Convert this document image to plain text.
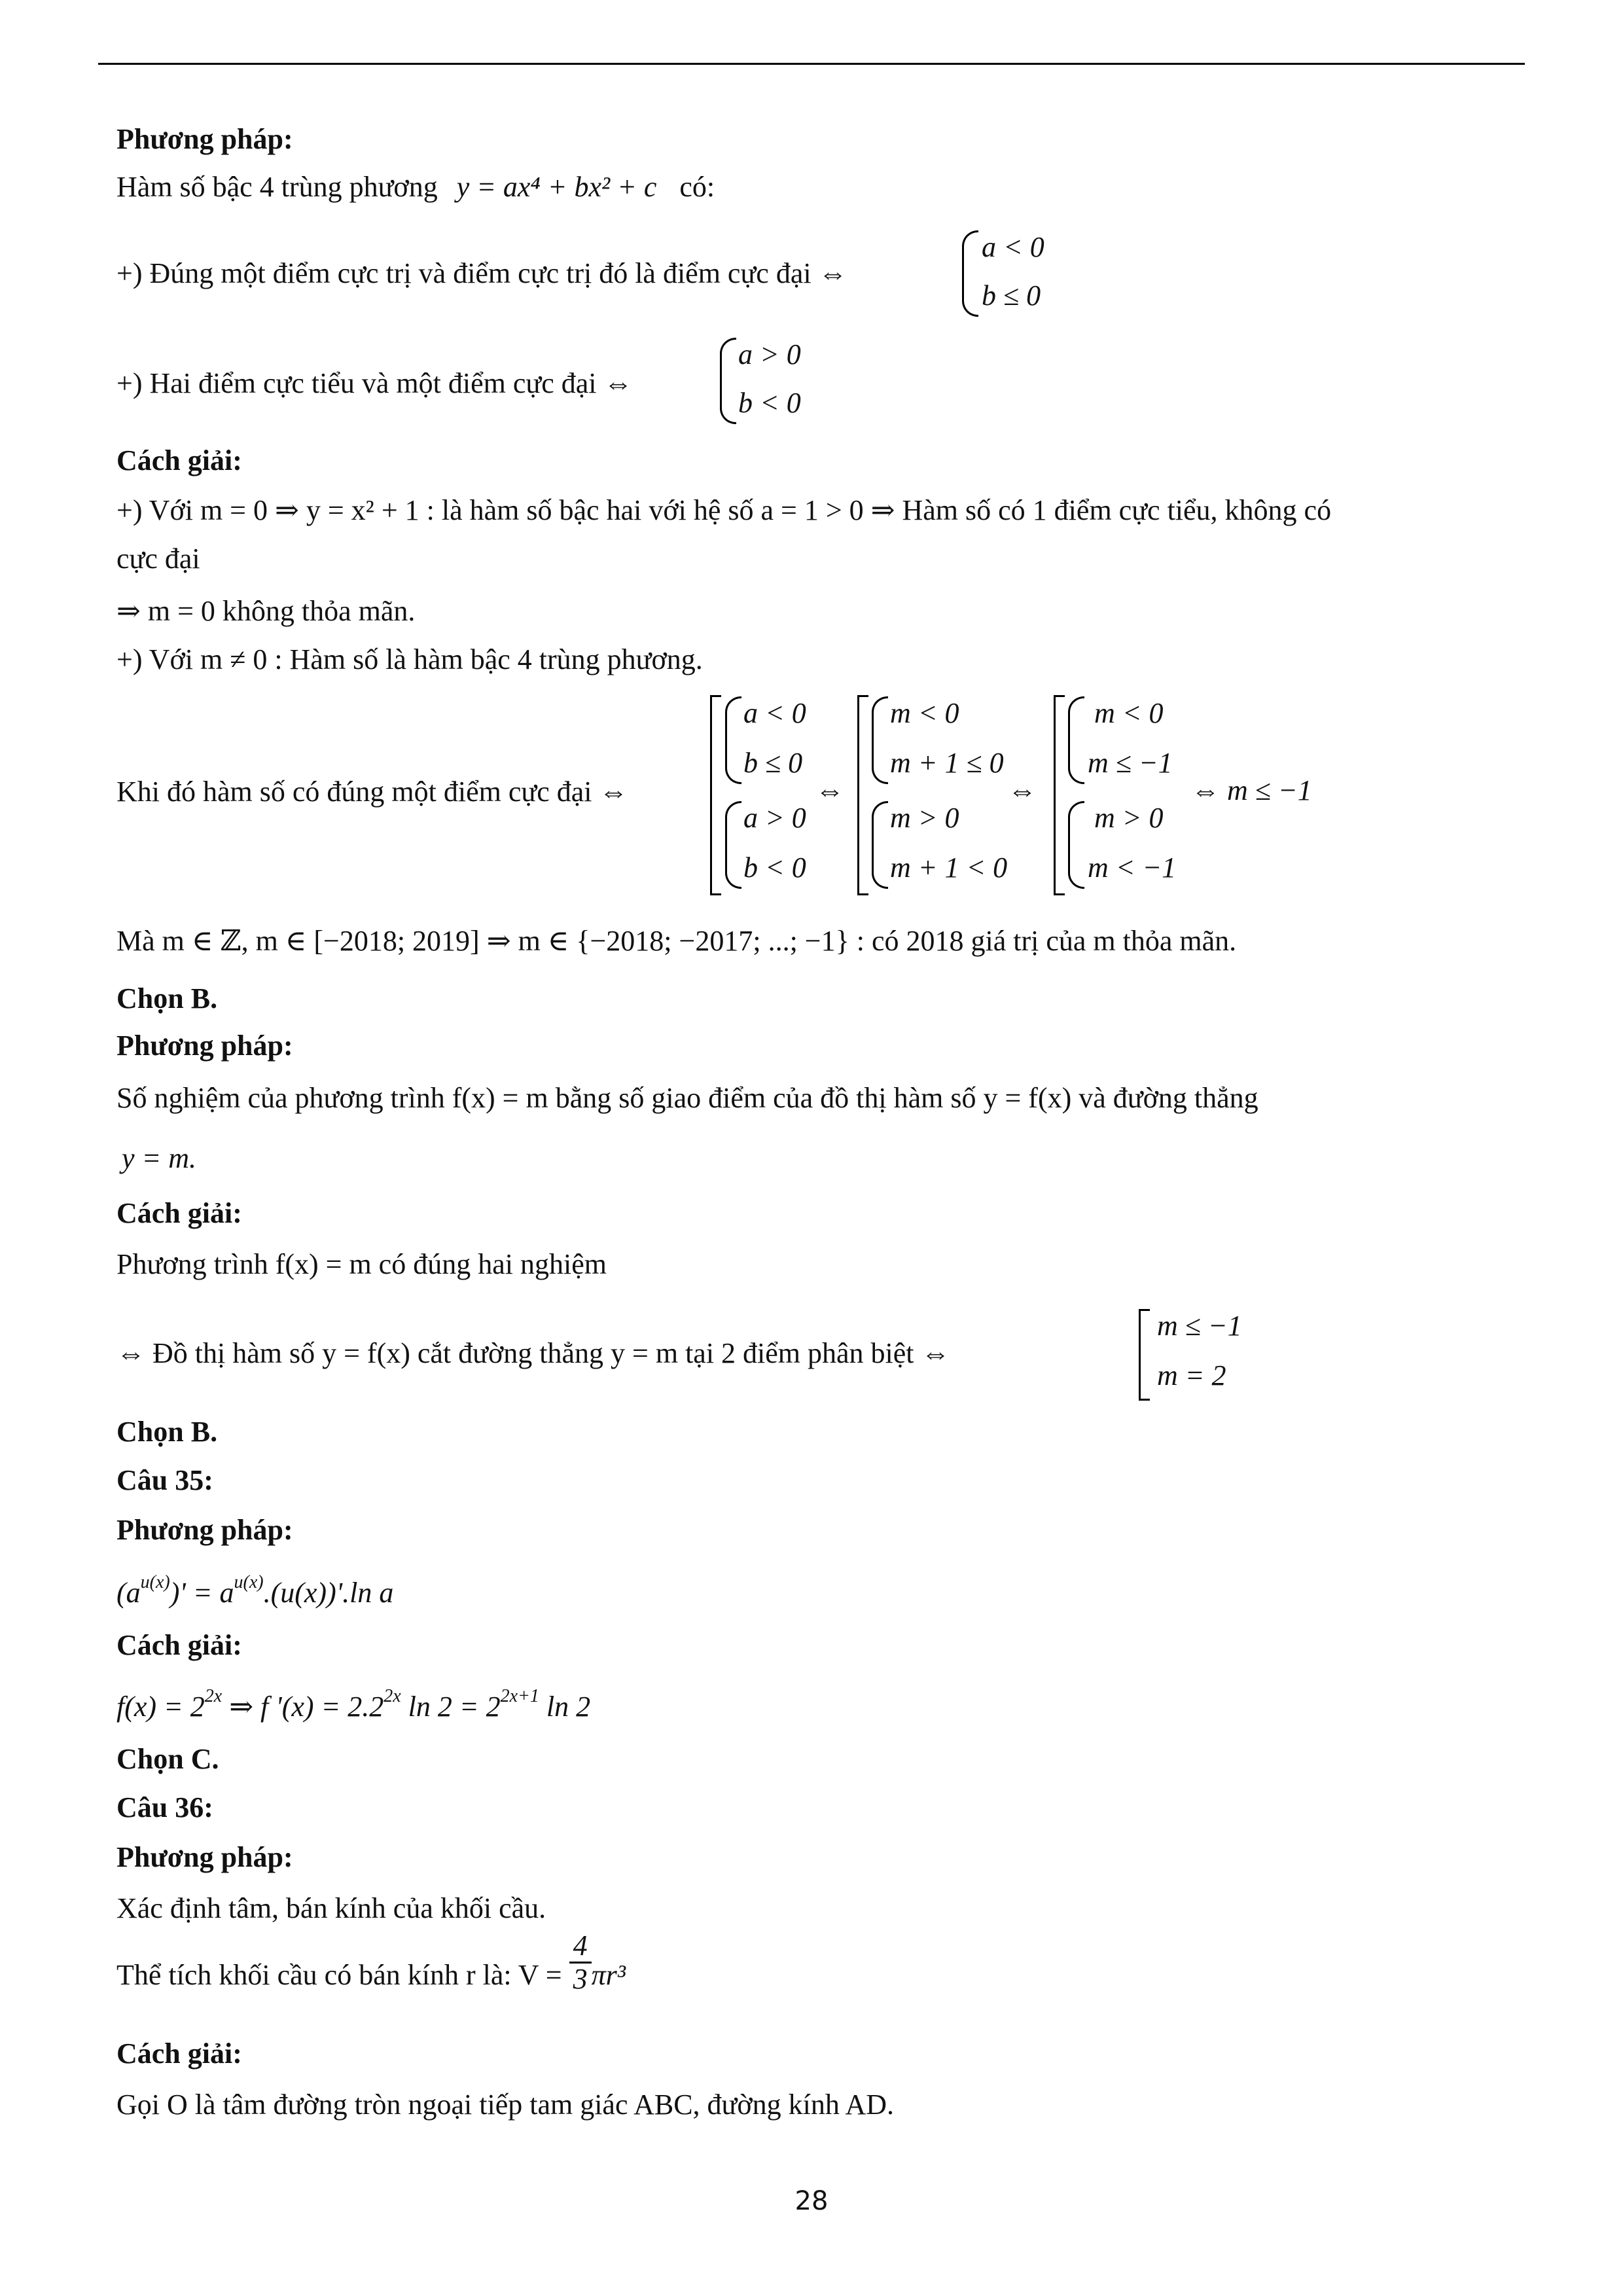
Phương pháp:
Hàm số bậc 4 trùng phương y = ax⁴ + bx² + c có:
+) Đúng một điểm cực trị và điểm cực trị đó là điểm cực đại ⇔
a < 0
b ≤ 0
+) Hai điểm cực tiểu và một điểm cực đại ⇔
a > 0
b < 0
Cách giải:
+) Với m = 0 ⇒ y = x² + 1 : là hàm số bậc hai với hệ số a = 1 > 0 ⇒ Hàm số có 1 điểm cực tiểu, không có
cực đại
⇒ m = 0 không thỏa mãn.
+) Với m ≠ 0 : Hàm số là hàm bậc 4 trùng phương.
Khi đó hàm số có đúng một điểm cực đại ⇔
a < 0
b ≤ 0
a > 0
b < 0
⇔
m < 0
m + 1 ≤ 0
m > 0
m + 1 < 0
⇔
m < 0
m ≤ −1
m > 0
m < −1
⇔ m ≤ −1
Mà m ∈ ℤ, m ∈ [−2018; 2019] ⇒ m ∈ {−2018; −2017; ...; −1} : có 2018 giá trị của m thỏa mãn.
Chọn B.
Phương pháp:
Số nghiệm của phương trình f(x) = m bằng số giao điểm của đồ thị hàm số y = f(x) và đường thẳng
y = m.
Cách giải:
Phương trình f(x) = m có đúng hai nghiệm
⇔ Đồ thị hàm số y = f(x) cắt đường thẳng y = m tại 2 điểm phân biệt ⇔
m ≤ −1
m = 2
Chọn B.
Câu 35:
Phương pháp:
$(a^{u(x)})' = a^{u(x)}.(u(x))'.\ln$ a
Cách giải:
$f(x) = 2^{2x}$ ⇒ f '$(x) = 2.2^{2x}$ $\ln 2 = 2^{2x+1}$ ln 2
Chọn C.
Câu 36:
Phương pháp:
Xác định tâm, bán kính của khối cầu.
Thể tích khối cầu có bán kính r là: $V = \frac{4}{3} \pi r^3$
Cách giải:
Gọi O là tâm đường tròn ngoại tiếp tam giác ABC, đường kính AD.
28
